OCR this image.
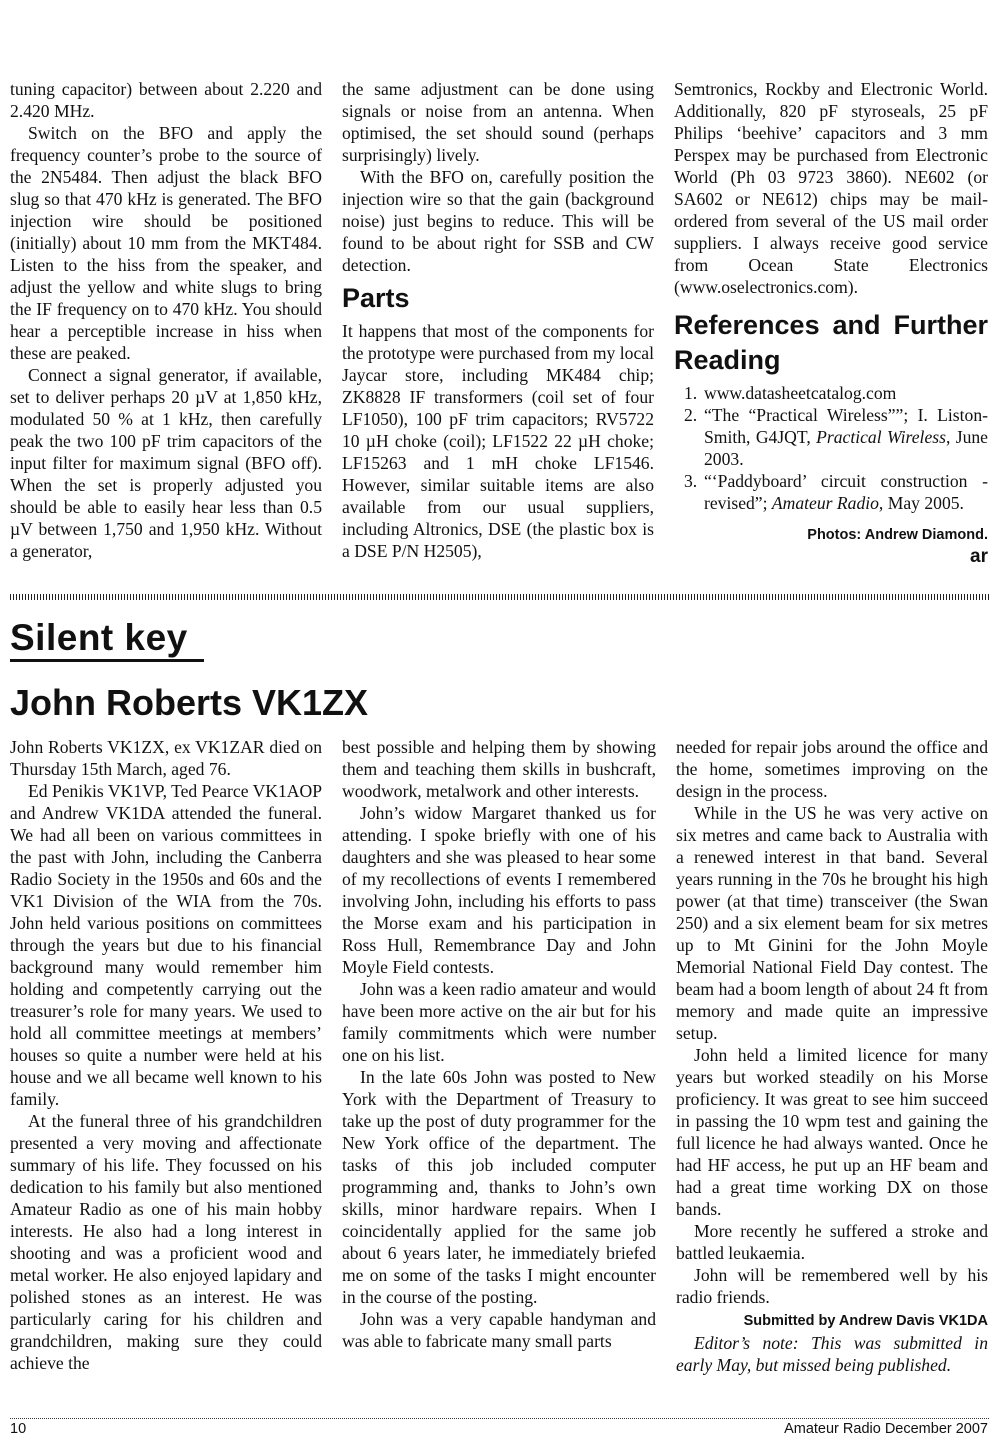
tuning capacitor) between about 2.220 and 2.420 MHz.

Switch on the BFO and apply the frequency counter’s probe to the source of the 2N5484. Then adjust the black BFO slug so that 470 kHz is generated. The BFO injection wire should be positioned (initially) about 10 mm from the MKT484. Listen to the hiss from the speaker, and adjust the yellow and white slugs to bring the IF frequency on to 470 kHz. You should hear a perceptible increase in hiss when these are peaked.

Connect a signal generator, if available, set to deliver perhaps 20 µV at 1,850 kHz, modulated 50 % at 1 kHz, then carefully peak the two 100 pF trim capacitors of the input filter for maximum signal (BFO off). When the set is properly adjusted you should be able to easily hear less than 0.5 µV between 1,750 and 1,950 kHz. Without a generator,

the same adjustment can be done using signals or noise from an antenna. When optimised, the set should sound (perhaps surprisingly) lively.

With the BFO on, carefully position the injection wire so that the gain (background noise) just begins to reduce. This will be found to be about right for SSB and CW detection.

Parts

It happens that most of the components for the prototype were purchased from my local Jaycar store, including MK484 chip; ZK8828 IF transformers (coil set of four LF1050), 100 pF trim capacitors; RV5722 10 µH choke (coil); LF1522 22 µH choke; LF15263 and 1 mH choke LF1546. However, similar suitable items are also available from our usual suppliers, including Altronics, DSE (the plastic box is a DSE P/N H2505),

Semtronics, Rockby and Electronic World. Additionally, 820 pF styroseals, 25 pF Philips ‘beehive’ capacitors and 3 mm Perspex may be purchased from Electronic World (Ph 03 9723 3860). NE602 (or SA602 or NE612) chips may be mail-ordered from several of the US mail order suppliers. I always receive good service from Ocean State Electronics (www.oselectronics.com).

References and Further Reading
1. www.datasheetcatalog.com
2. “The “Practical Wireless””; I. Liston-Smith, G4JQT, Practical Wireless, June 2003.
3. “‘Paddyboard’ circuit construction - revised”; Amateur Radio, May 2005.
Photos: Andrew Diamond.
ar
Silent key
John Roberts VK1ZX

John Roberts VK1ZX, ex VK1ZAR died on Thursday 15th March, aged 76.

Ed Penikis VK1VP, Ted Pearce VK1AOP and Andrew VK1DA attended the funeral. We had all been on various committees in the past with John, including the Canberra Radio Society in the 1950s and 60s and the VK1 Division of the WIA from the 70s. John held various positions on committees through the years but due to his financial background many would remember him holding and competently carrying out the treasurer’s role for many years. We used to hold all committee meetings at members’ houses so quite a number were held at his house and we all became well known to his family.

At the funeral three of his grandchildren presented a very moving and affectionate summary of his life. They focussed on his dedication to his family but also mentioned Amateur Radio as one of his main hobby interests. He also had a long interest in shooting and was a proficient wood and metal worker. He also enjoyed lapidary and polished stones as an interest. He was particularly caring for his children and grandchildren, making sure they could achieve the

best possible and helping them by showing them and teaching them skills in bushcraft, woodwork, metalwork and other interests.

John’s widow Margaret thanked us for attending. I spoke briefly with one of his daughters and she was pleased to hear some of my recollections of events I remembered involving John, including his efforts to pass the Morse exam and his participation in Ross Hull, Remembrance Day and John Moyle Field contests.

John was a keen radio amateur and would have been more active on the air but for his family commitments which were number one on his list.

In the late 60s John was posted to New York with the Department of Treasury to take up the post of duty programmer for the New York office of the department. The tasks of this job included computer programming and, thanks to John’s own skills, minor hardware repairs. When I coincidentally applied for the same job about 6 years later, he immediately briefed me on some of the tasks I might encounter in the course of the posting.

John was a very capable handyman and was able to fabricate many small parts

needed for repair jobs around the office and the home, sometimes improving on the design in the process.

While in the US he was very active on six metres and came back to Australia with a renewed interest in that band. Several years running in the 70s he brought his high power (at that time) transceiver (the Swan 250) and a six element beam for six metres up to Mt Ginini for the John Moyle Memorial National Field Day contest. The beam had a boom length of about 24 ft from memory and made quite an impressive setup.

John held a limited licence for many years but worked steadily on his Morse proficiency. It was great to see him succeed in passing the 10 wpm test and gaining the full licence he had always wanted. Once he had HF access, he put up an HF beam and had a great time working DX on those bands.

More recently he suffered a stroke and battled leukaemia.

John will be remembered well by his radio friends.

Submitted by Andrew Davis VK1DA
Editor’s note: This was submitted in early May, but missed being published.
10	Amateur Radio December 2007
